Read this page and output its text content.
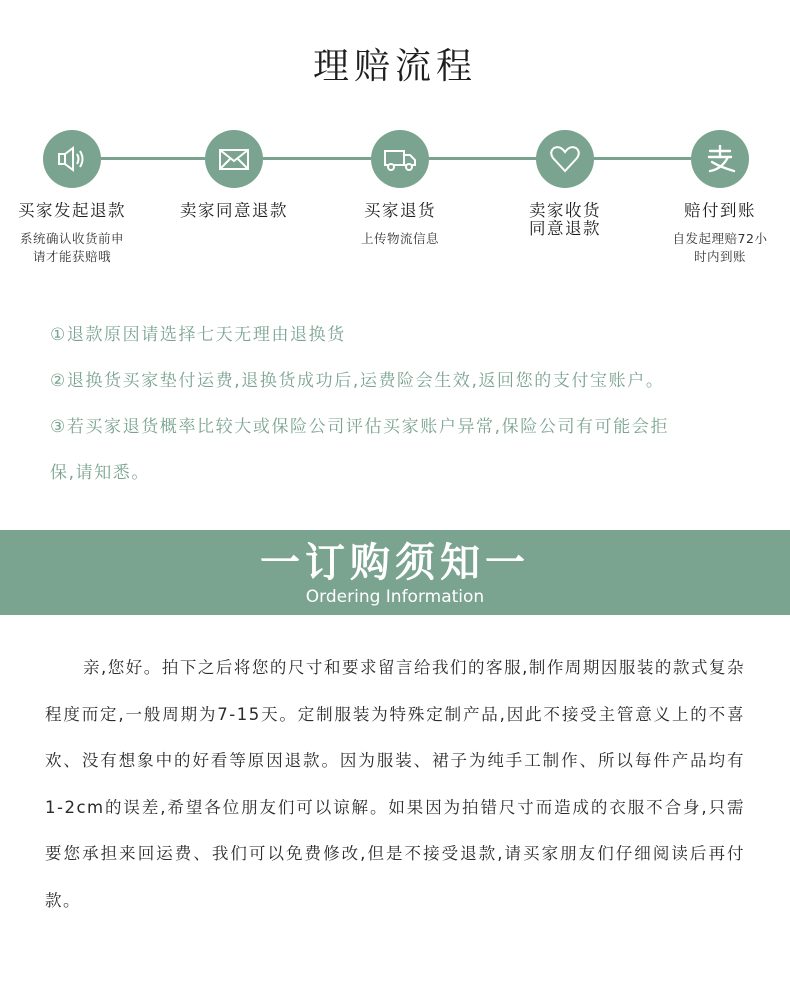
理赔流程
买家发起退款
系统确认收货前申
请才能获赔哦
卖家同意退款	买家退货
上传物流信息
卖家收货
同意退款
赔付到账
自发起理赔72小
时内到账
①退款原因请选择七天无理由退换货
②退换货买家垫付运费,退换货成功后,运费险会生效,返回您的支付宝账户。
③若买家退货概率比较大或保险公司评估买家账户异常,保险公司有可能会拒
保,请知悉。
一订购须知一
Ordering Information
亲,您好。拍下之后将您的尺寸和要求留言给我们的客服,制作周期因服装的款式复杂程度而定,一般周期为7-15天。定制服装为特殊定制产品,因此不接受主管意义上的不喜欢、没有想象中的好看等原因退款。因为服装、裙子为纯手工制作、所以每件产品均有1-2cm的误差,希望各位朋友们可以谅解。如果因为拍错尺寸而造成的衣服不合身,只需要您承担来回运费、我们可以免费修改,但是不接受退款,请买家朋友们仔细阅读后再付款。
